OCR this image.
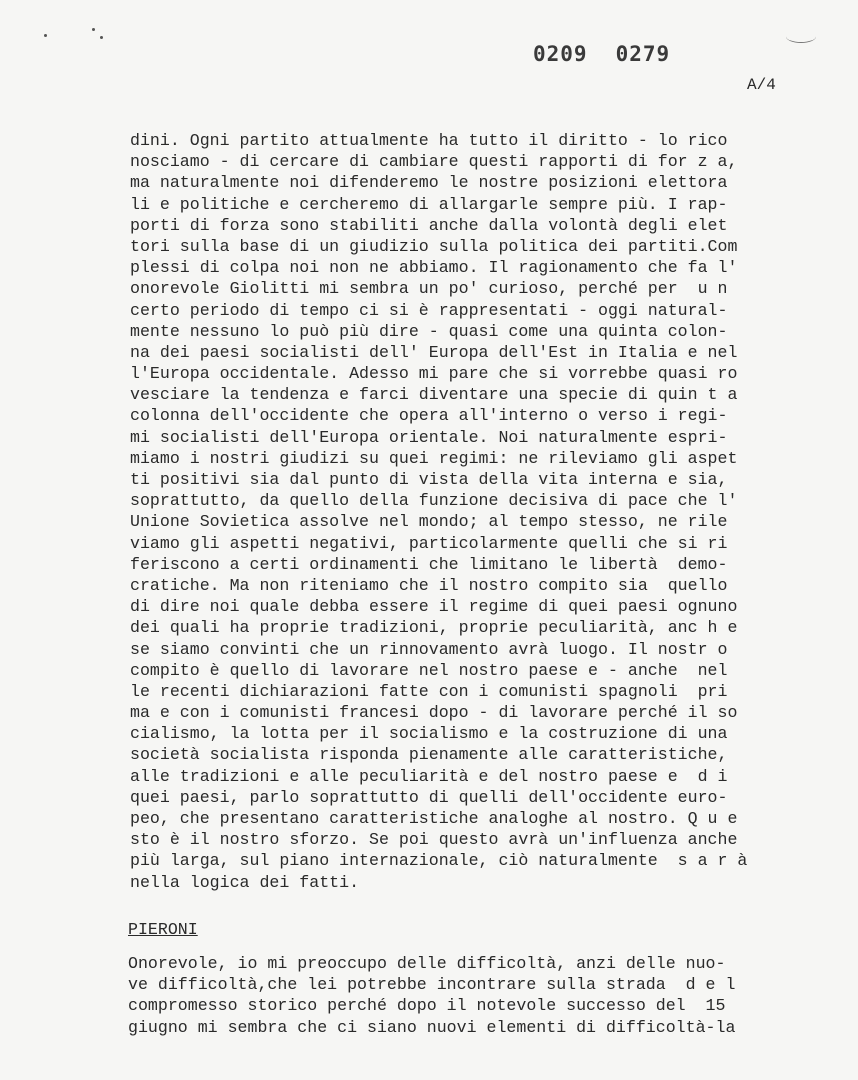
0209 0279
A/4
dini. Ogni partito attualmente ha tutto il diritto - lo rico
nosciamo - di cercare di cambiare questi rapporti di for z a,
ma naturalmente noi difenderemo le nostre posizioni elettora
li e politiche e cercheremo di allargarle sempre più. I rap-
porti di forza sono stabiliti anche dalla volontà degli elet
tori sulla base di un giudizio sulla politica dei partiti.Com
plessi di colpa noi non ne abbiamo. Il ragionamento che fa l'
onorevole Giolitti mi sembra un po' curioso, perché per  u n
certo periodo di tempo ci si è rappresentati - oggi natural-
mente nessuno lo può più dire - quasi come una quinta colon-
na dei paesi socialisti dell' Europa dell'Est in Italia e nel
l'Europa occidentale. Adesso mi pare che si vorrebbe quasi ro
vesciare la tendenza e farci diventare una specie di quin t a
colonna dell'occidente che opera all'interno o verso i regi-
mi socialisti dell'Europa orientale. Noi naturalmente espri-
miamo i nostri giudizi su quei regimi: ne rileviamo gli aspet
ti positivi sia dal punto di vista della vita interna e sia,
soprattutto, da quello della funzione decisiva di pace che l'
Unione Sovietica assolve nel mondo; al tempo stesso, ne rile
viamo gli aspetti negativi, particolarmente quelli che si ri
feriscono a certi ordinamenti che limitano le libertà  demo-
cratiche. Ma non riteniamo che il nostro compito sia  quello
di dire noi quale debba essere il regime di quei paesi ognuno
dei quali ha proprie tradizioni, proprie peculiarità, anc h e
se siamo convinti che un rinnovamento avrà luogo. Il nostr o
compito è quello di lavorare nel nostro paese e - anche  nel
le recenti dichiarazioni fatte con i comunisti spagnoli  pri
ma e con i comunisti francesi dopo - di lavorare perché il so
cialismo, la lotta per il socialismo e la costruzione di una
società socialista risponda pienamente alle caratteristiche,
alle tradizioni e alle peculiarità e del nostro paese e  d i
quei paesi, parlo soprattutto di quelli dell'occidente euro-
peo, che presentano caratteristiche analoghe al nostro. Q u e
sto è il nostro sforzo. Se poi questo avrà un'influenza anche
più larga, sul piano internazionale, ciò naturalmente  s a r à
nella logica dei fatti.
PIERONI
Onorevole, io mi preoccupo delle difficoltà, anzi delle nuo-
ve difficoltà,che lei potrebbe incontrare sulla strada  d e l
compromesso storico perché dopo il notevole successo del  15
giugno mi sembra che ci siano nuovi elementi di difficoltà-la
